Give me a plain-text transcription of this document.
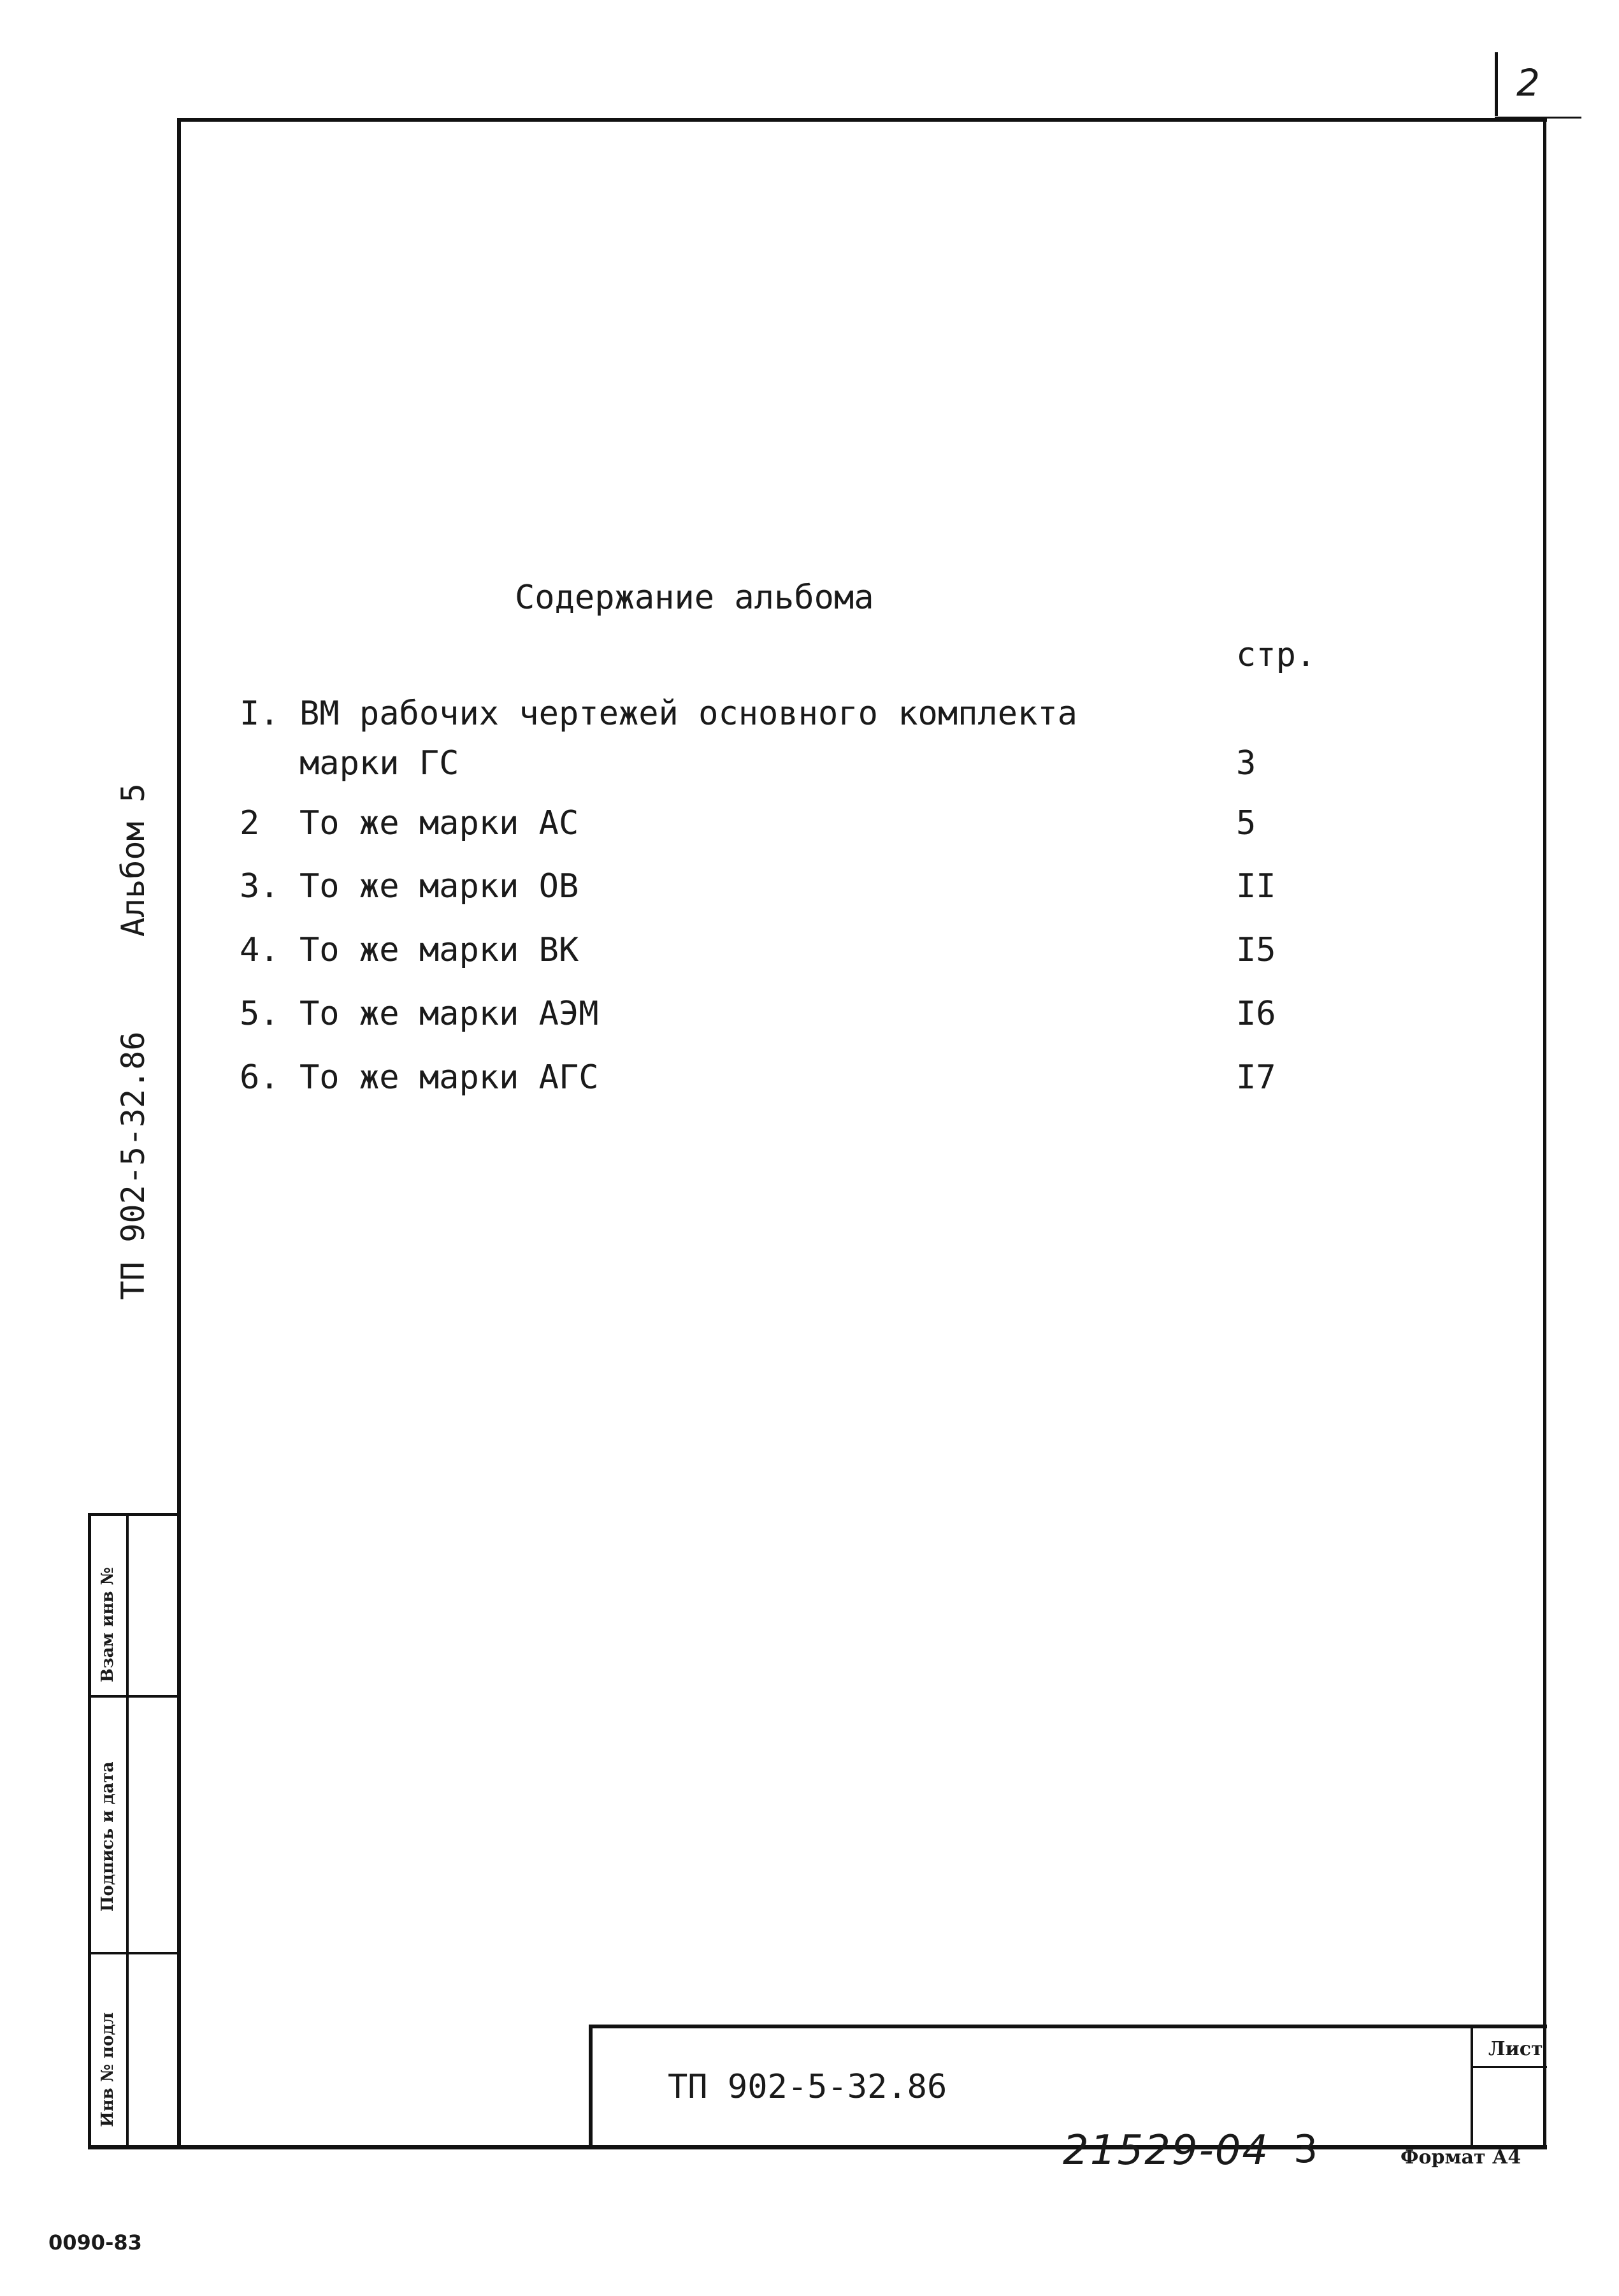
2
Содержание альбома
стр.
I. ВМ рабочих чертежей основного комплекта
марки ГС	3
2 То же марки АС	5
3. То же марки ОВ	II
4. То же марки ВК	I5
5. То же марки АЭМ	I6
6. То же марки АГС	I7
Альбом 5
ТП 902-5-32.86
Взам инв №
Подпись и дата
Инв № подл	ТП 902-5-32.86
Лист
21529-04 3	Формат А4
0090-83
